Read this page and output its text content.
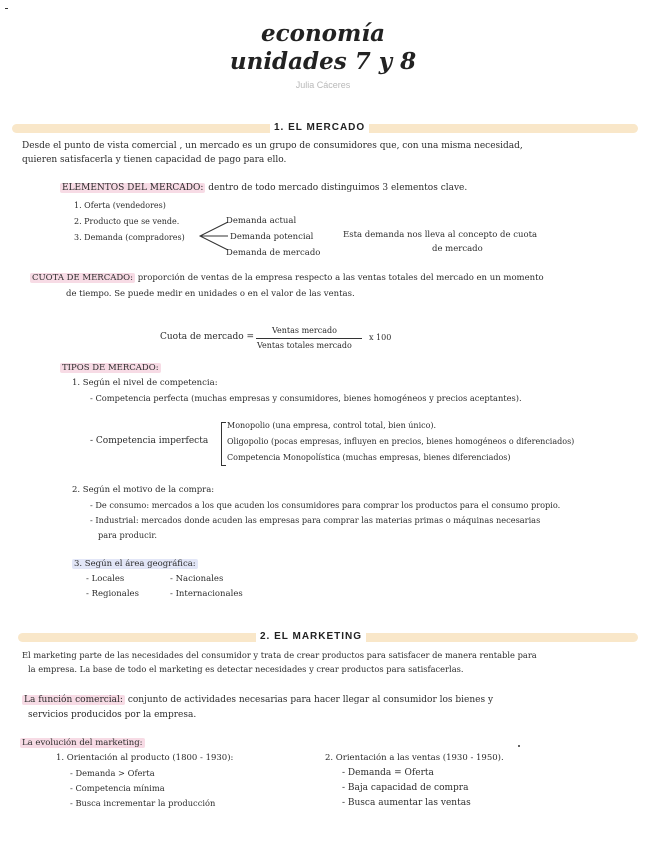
economía
unidades 7 y 8
Julia Cáceres
1. EL MERCADO
Desde el punto de vista comercial , un mercado es un grupo de consumidores que, con una misma necesidad,
quieren satisfacerla y tienen capacidad de pago para ello.
ELEMENTOS DEL MERCADO: dentro de todo mercado distinguimos 3 elementos clave.
1. Oferta (vendedores)
2. Producto que se vende.
3. Demanda (compradores)
Demanda actual
Demanda potencial
Demanda de mercado
Esta demanda nos lleva al concepto de cuota
de mercado
CUOTA DE MERCADO: proporción de ventas de la empresa respecto a las ventas totales del mercado en un momento
de tiempo. Se puede medir en unidades o en el valor de las ventas.
Cuota de mercado =
Ventas mercado
Ventas totales mercado
x 100
TIPOS DE MERCADO:
1. Según el nivel de competencia:
- Competencia perfecta (muchas empresas y consumidores, bienes homogéneos y precios aceptantes).
- Competencia imperfecta
Monopolio (una empresa, control total, bien único).
Oligopolio (pocas empresas, influyen en precios, bienes homogéneos o diferenciados)
Competencia Monopolística (muchas empresas, bienes diferenciados)
2. Según el motivo de la compra:
- De consumo: mercados a los que acuden los consumidores para comprar los productos para el consumo propio.
- Industrial: mercados donde acuden las empresas para comprar las materias primas o máquinas necesarias
para producir.
3. Según el área geográfica:
- Locales	- Nacionales
- Regionales	- Internacionales
2. EL MARKETING
El marketing parte de las necesidades del consumidor y trata de crear productos para satisfacer de manera rentable para
la empresa. La base de todo el marketing es detectar necesidades y crear productos para satisfacerlas.
La función comercial: conjunto de actividades necesarias para hacer llegar al consumidor los bienes y
servicios producidos por la empresa.
La evolución del marketing:
1. Orientación al producto (1800 - 1930):
- Demanda > Oferta
- Competencia mínima
- Busca incrementar la producción
2. Orientación a las ventas (1930 - 1950).
- Demanda = Oferta
- Baja capacidad de compra
- Busca aumentar las ventas
